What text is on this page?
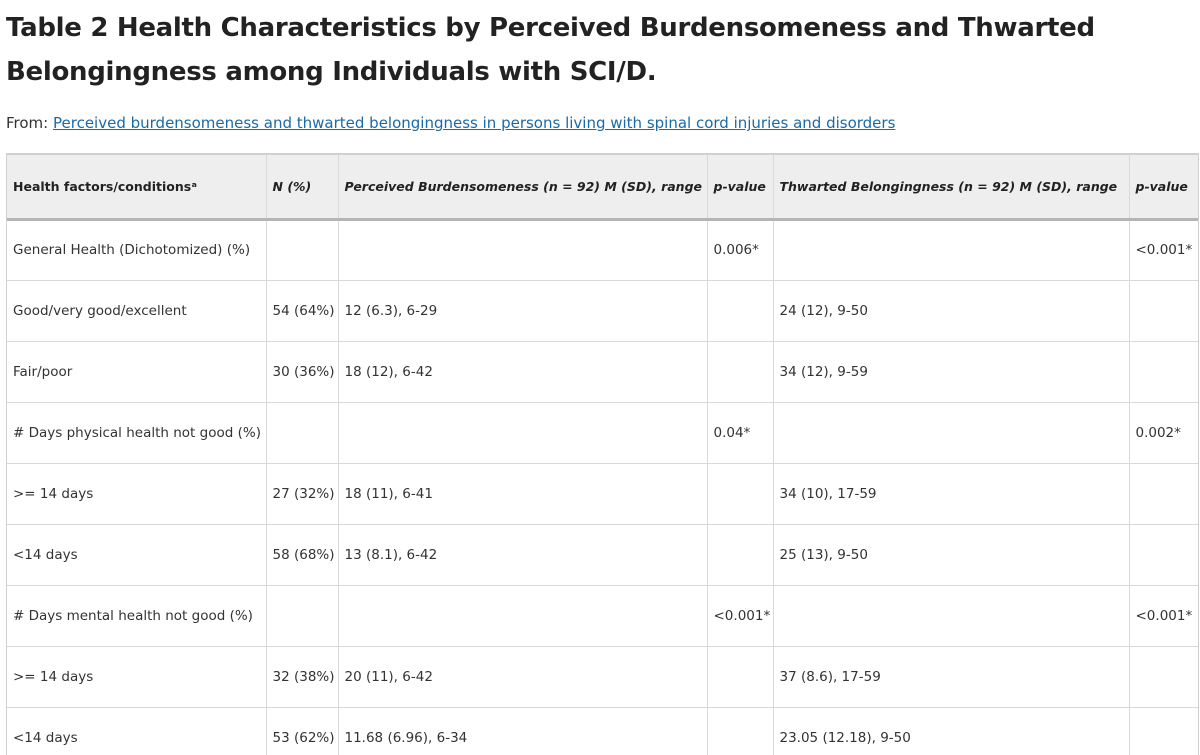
Table 2 Health Characteristics by Perceived Burdensomeness and Thwarted Belongingness among Individuals with SCI/D.
From: Perceived burdensomeness and thwarted belongingness in persons living with spinal cord injuries and disorders
Health factors/conditionsᵃ	N (%)	Perceived Burdensomeness (n = 92) M (SD), range	p-value	Thwarted Belongingness (n = 92) M (SD), range	p-value
General Health (Dichotomized) (%)			0.006*		<0.001*
Good/very good/excellent	54 (64%)	12 (6.3), 6-29		24 (12), 9-50	
Fair/poor	30 (36%)	18 (12), 6-42		34 (12), 9-59	
# Days physical health not good (%)			0.04*		0.002*
>= 14 days	27 (32%)	18 (11), 6-41		34 (10), 17-59	
<14 days	58 (68%)	13 (8.1), 6-42		25 (13), 9-50	
# Days mental health not good (%)			<0.001*		<0.001*
>= 14 days	32 (38%)	20 (11), 6-42		37 (8.6), 17-59	
<14 days	53 (62%)	11.68 (6.96), 6-34		23.05 (12.18), 9-50	
